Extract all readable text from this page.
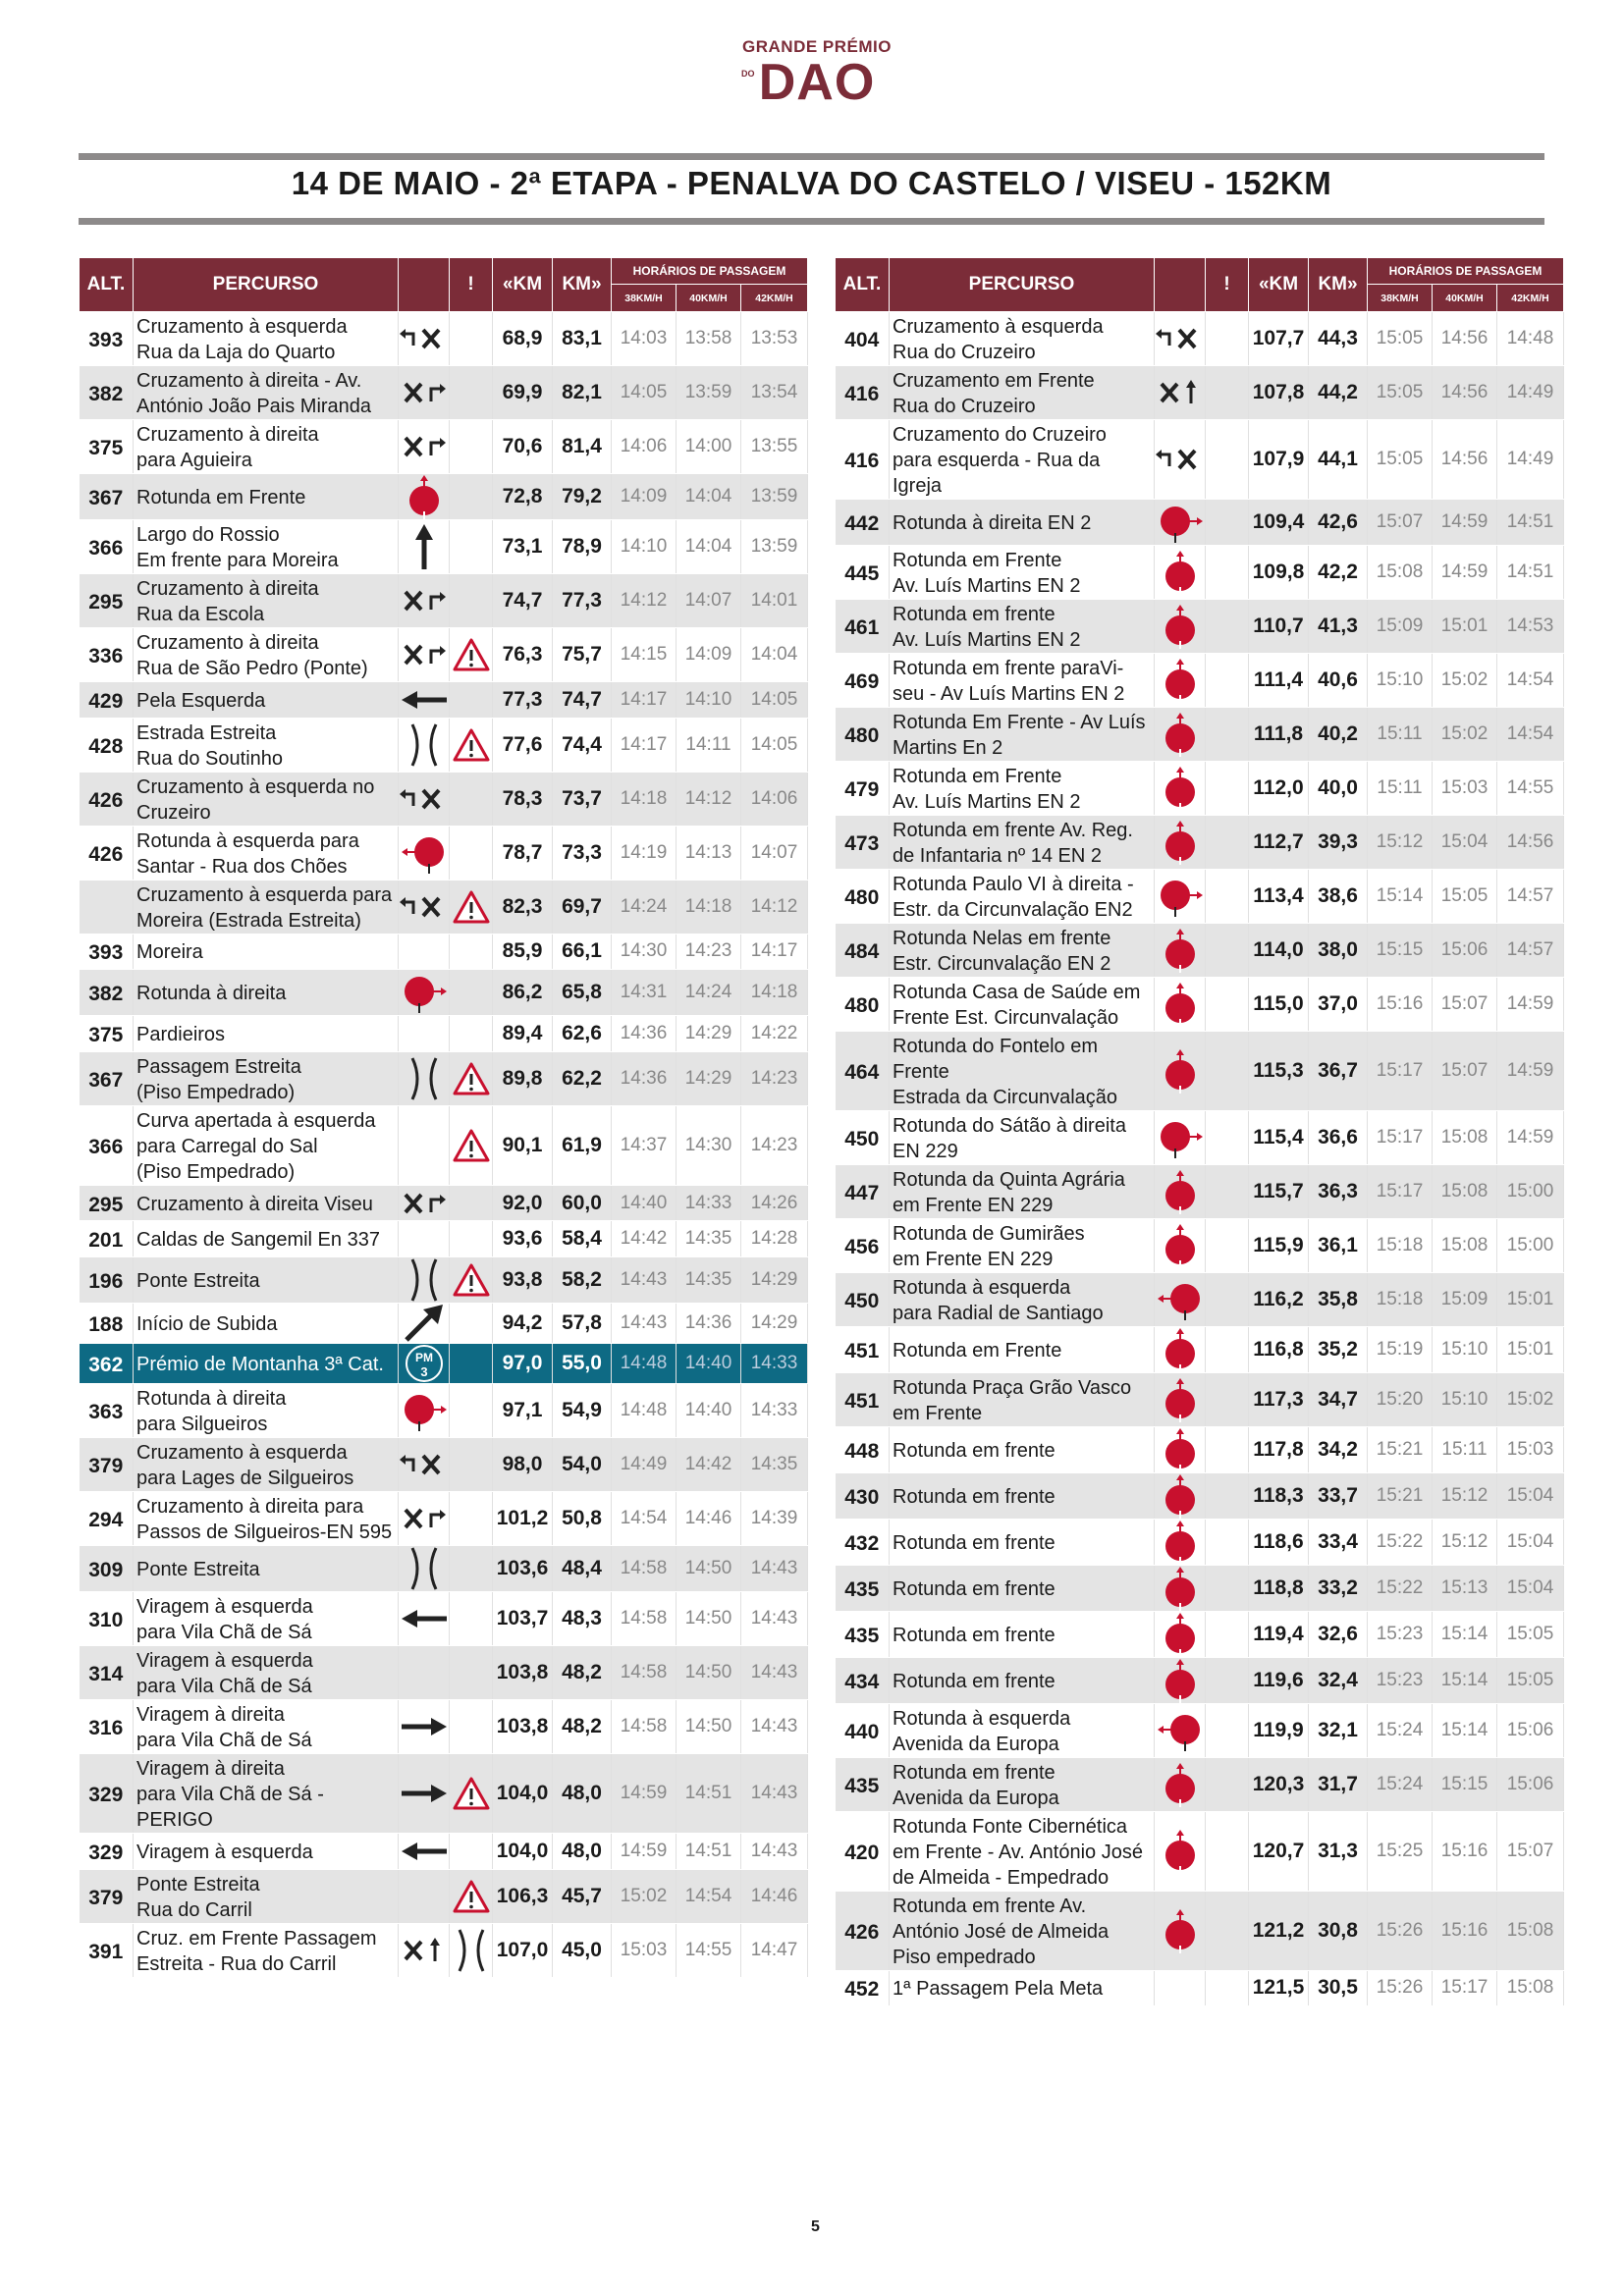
GRANDE PRÉMIO
DO DAO
14 DE MAIO - 2ª ETAPA - PENALVA DO CASTELO / VISEU - 152KM
ALT.	PERCURSO		!	«KM	KM»	HORÁRIOS DE PASSAGEM		
						38KM/H	40KM/H	42KM/H
393	Cruzamento à esquerda
Rua da Laja do Quarto			68,9	83,1	14:03	13:58	13:53
382	Cruzamento à direita - Av.
António João Pais Miranda			69,9	82,1	14:05	13:59	13:54
375	Cruzamento à direita
para Aguieira			70,6	81,4	14:06	14:00	13:55
367	Rotunda em Frente			72,8	79,2	14:09	14:04	13:59
366	Largo do Rossio
Em frente para Moreira			73,1	78,9	14:10	14:04	13:59
295	Cruzamento à direita
Rua da Escola			74,7	77,3	14:12	14:07	14:01
336	Cruzamento à direita
Rua de São Pedro (Ponte)			76,3	75,7	14:15	14:09	14:04
429	Pela Esquerda			77,3	74,7	14:17	14:10	14:05
428	Estrada Estreita
Rua do Soutinho			77,6	74,4	14:17	14:11	14:05
426	Cruzamento à esquerda no
Cruzeiro			78,3	73,7	14:18	14:12	14:06
426	Rotunda à esquerda para
Santar - Rua dos Chões			78,7	73,3	14:19	14:13	14:07

	Cruzamento à esquerda para
Moreira (Estrada Estreita)			82,3	69,7	14:24	14:18	14:12
393	Moreira			85,9	66,1	14:30	14:23	14:17
382	Rotunda à direita			86,2	65,8	14:31	14:24	14:18
375	Pardieiros			89,4	62,6	14:36	14:29	14:22
367	Passagem Estreita
(Piso Empedrado)			89,8	62,2	14:36	14:29	14:23
366	Curva apertada à esquerda
para Carregal do Sal
(Piso Empedrado)			90,1	61,9	14:37	14:30	14:23
295	Cruzamento à direita Viseu			92,0	60,0	14:40	14:33	14:26
201	Caldas de Sangemil En 337			93,6	58,4	14:42	14:35	14:28
196	Ponte Estreita			93,8	58,2	14:43	14:35	14:29
188	Início de Subida			94,2	57,8	14:43	14:36	14:29
362	Prémio de Montanha 3ª Cat.	PM
3		97,0	55,0	14:48	14:40	14:33
363	Rotunda à direita
para Silgueiros			97,1	54,9	14:48	14:40	14:33
379	Cruzamento à esquerda
para Lages de Silgueiros			98,0	54,0	14:49	14:42	14:35
294	Cruzamento à direita para
Passos de Silgueiros-EN 595			101,2	50,8	14:54	14:46	14:39
309	Ponte Estreita			103,6	48,4	14:58	14:50	14:43
310	Viragem à esquerda
para Vila Chã de Sá			103,7	48,3	14:58	14:50	14:43
314	Viragem à esquerda
para Vila Chã de Sá			103,8	48,2	14:58	14:50	14:43
316	Viragem à direita
para Vila Chã de Sá			103,8	48,2	14:58	14:50	14:43
329	Viragem à direita
para Vila Chã de Sá - PERIGO			104,0	48,0	14:59	14:51	14:43
329	Viragem à esquerda			104,0	48,0	14:59	14:51	14:43
379	Ponte Estreita
Rua do Carril			106,3	45,7	15:02	14:54	14:46
391	Cruz. em Frente Passagem
Estreita - Rua do Carril			107,0	45,0	15:03	14:55	14:47
ALT.	PERCURSO		!	«KM	KM»	HORÁRIOS DE PASSAGEM		
						38KM/H	40KM/H	42KM/H
404	Cruzamento à esquerda
Rua do Cruzeiro			107,7	44,3	15:05	14:56	14:48
416	Cruzamento em Frente
Rua do Cruzeiro			107,8	44,2	15:05	14:56	14:49
416	Cruzamento do Cruzeiro
para esquerda - Rua da Igreja			107,9	44,1	15:05	14:56	14:49
442	Rotunda à direita EN 2			109,4	42,6	15:07	14:59	14:51
445	Rotunda em Frente
Av. Luís Martins EN 2			109,8	42,2	15:08	14:59	14:51
461	Rotunda em frente
Av. Luís Martins EN 2			110,7	41,3	15:09	15:01	14:53
469	Rotunda em frente paraVi-
seu - Av Luís Martins EN 2			111,4	40,6	15:10	15:02	14:54
480	Rotunda Em Frente - Av Luís
Martins En 2			111,8	40,2	15:11	15:02	14:54
479	Rotunda em Frente
Av. Luís Martins EN 2			112,0	40,0	15:11	15:03	14:55
473	Rotunda em frente Av. Reg.
de Infantaria nº 14 EN 2			112,7	39,3	15:12	15:04	14:56
480	Rotunda Paulo VI à direita -
Estr. da Circunvalação EN2			113,4	38,6	15:14	15:05	14:57
484	Rotunda Nelas em frente
Estr. Circunvalação EN 2			114,0	38,0	15:15	15:06	14:57
480	Rotunda Casa de Saúde em
Frente Est. Circunvalação			115,0	37,0	15:16	15:07	14:59
464	Rotunda do Fontelo em Frente
Estrada da Circunvalação			115,3	36,7	15:17	15:07	14:59
450	Rotunda do Sátão à direita
EN 229			115,4	36,6	15:17	15:08	14:59
447	Rotunda da Quinta Agrária
em Frente EN 229			115,7	36,3	15:17	15:08	15:00
456	Rotunda de Gumirães
em Frente EN 229			115,9	36,1	15:18	15:08	15:00
450	Rotunda à esquerda
para Radial de Santiago			116,2	35,8	15:18	15:09	15:01
451	Rotunda em Frente			116,8	35,2	15:19	15:10	15:01
451	Rotunda Praça Grão Vasco
em Frente			117,3	34,7	15:20	15:10	15:02
448	Rotunda em frente			117,8	34,2	15:21	15:11	15:03
430	Rotunda em frente			118,3	33,7	15:21	15:12	15:04
432	Rotunda em frente			118,6	33,4	15:22	15:12	15:04
435	Rotunda em frente			118,8	33,2	15:22	15:13	15:04
435	Rotunda em frente			119,4	32,6	15:23	15:14	15:05
434	Rotunda em frente			119,6	32,4	15:23	15:14	15:05
440	Rotunda à esquerda
Avenida da Europa			119,9	32,1	15:24	15:14	15:06
435	Rotunda em frente
Avenida da Europa			120,3	31,7	15:24	15:15	15:06
420	Rotunda Fonte Cibernética
em Frente - Av. António José
de Almeida - Empedrado			120,7	31,3	15:25	15:16	15:07
426	Rotunda em frente Av.
António José de Almeida
Piso empedrado			121,2	30,8	15:26	15:16	15:08
452	1ª Passagem Pela Meta			121,5	30,5	15:26	15:17	15:08
5
